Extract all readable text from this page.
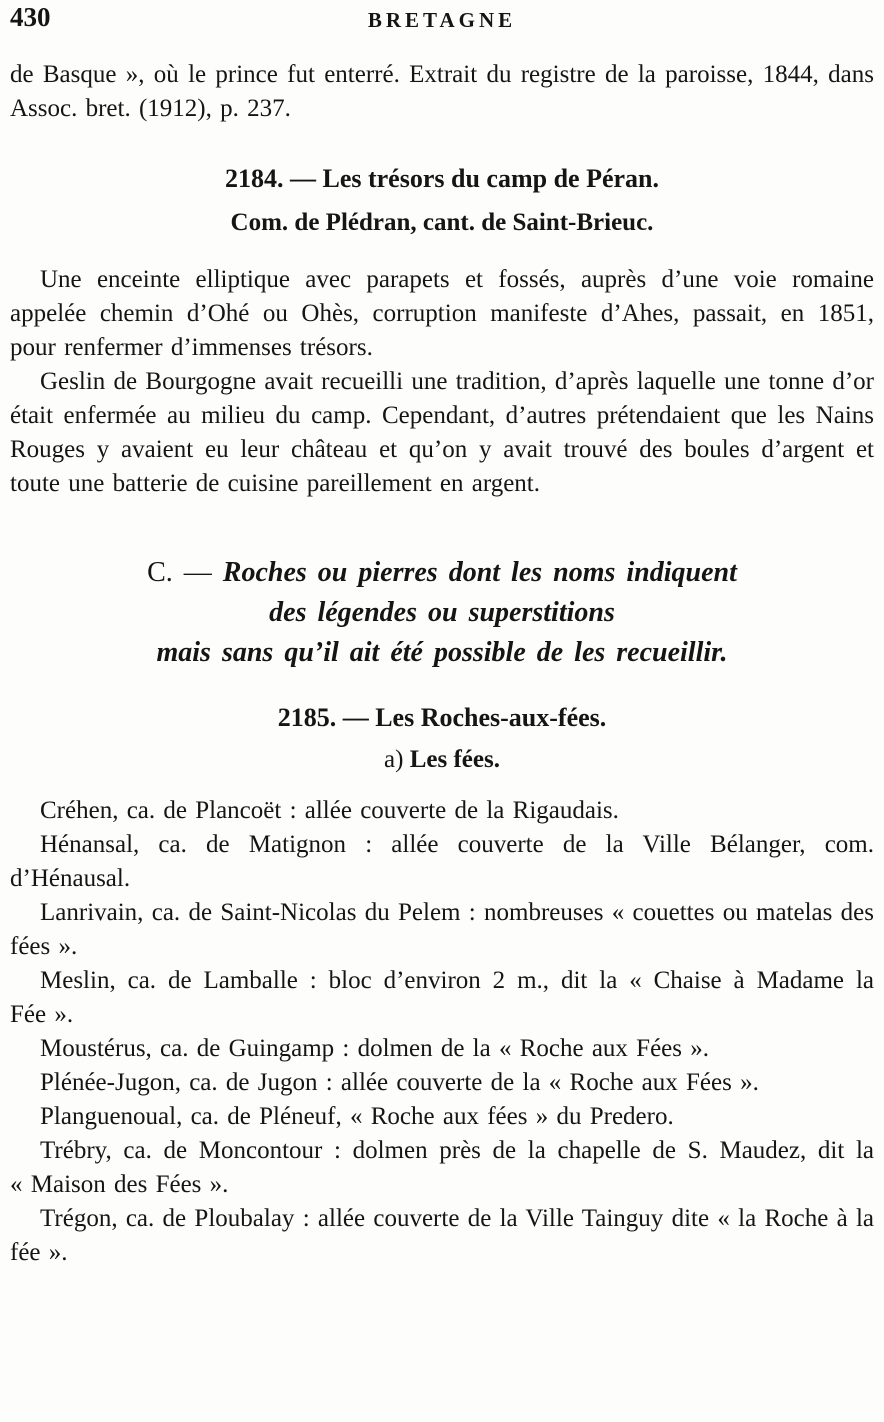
430	BRETAGNE

de Basque », où le prince fut enterré. Extrait du registre de la paroisse, 1844, dans Assoc. bret. (1912), p. 237.

2184. — Les trésors du camp de Péran.
Com. de Plédran, cant. de Saint-Brieuc.

Une enceinte elliptique avec parapets et fossés, auprès d’une voie romaine appelée chemin d’Ohé ou Ohès, corruption manifeste d’Ahes, passait, en 1851, pour renfermer d’immenses trésors.

Geslin de Bourgogne avait recueilli une tradition, d’après laquelle une tonne d’or était enfermée au milieu du camp. Cependant, d’autres prétendaient que les Nains Rouges y avaient eu leur château et qu’on y avait trouvé des boules d’argent et toute une batterie de cuisine pareillement en argent.

C. — Roches ou pierres dont les noms indiquent
des légendes ou superstitions
mais sans qu’il ait été possible de les recueillir.
2185. — Les Roches-aux-fées.
a) Les fées.

Créhen, ca. de Plancoët : allée couverte de la Rigaudais.

Hénansal, ca. de Matignon : allée couverte de la Ville Bélanger, com. d’Hénausal.

Lanrivain, ca. de Saint-Nicolas du Pelem : nombreuses « couettes ou matelas des fées ».

Meslin, ca. de Lamballe : bloc d’environ 2 m., dit la « Chaise à Madame la Fée ».

Moustérus, ca. de Guingamp : dolmen de la « Roche aux Fées ».

Plénée-Jugon, ca. de Jugon : allée couverte de la « Roche aux Fées ».

Planguenoual, ca. de Pléneuf, « Roche aux fées » du Predero.

Trébry, ca. de Moncontour : dolmen près de la chapelle de S. Maudez, dit la « Maison des Fées ».

Trégon, ca. de Ploubalay : allée couverte de la Ville Tainguy dite « la Roche à la fée ».
